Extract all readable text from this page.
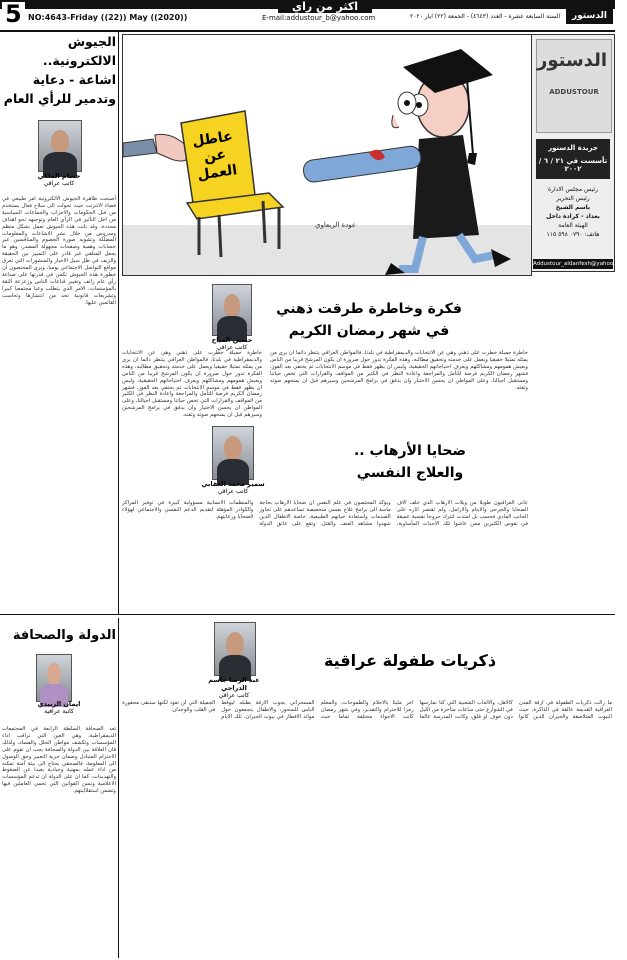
5 NO:4643-Friday ((22)) May ((2020))
اكثر من راي
E-mail:addustour_b@yahoo.com	السنة السابعة عشرة - العدد (٤٦٤٣) - الجمعة (٢٢) ايار ٢٠٢٠	الدستور
الدستور
ADDUSTOUR
جريدة الدستور
تأسست في ٢١ / ٦ / ٢٠٠٢
رئيس مجلس الادارة
رئيس التحرير
باسم الشيخ
بغداد - كرادة داخل
الهيئة العامة
هاتف: ٠٧٩٠ ٥٩٨ ١١٥
Addustour_aldanfesh@yahoo.com
عاطل عن العمل
عودة الربعاوي
الجيوش الالكترونية..
اشاعة - دعاية
وتدمير للرأي العام
حسام الملكي
كاتب عراقي
أصبحت ظاهرة الجيوش الالكترونية امر طبيعي في فضاء الانترنت حيث تحولت الى سلاح فعال يستخدم من قبل الحكومات والاحزاب والجماعات السياسية من اجل التأثير في الرأي العام وتوجيهه نحو اهداف محددة، وقد باتت هذه الجيوش تعمل بشكل منظم ومدروس من خلال نشر الاشاعات والمعلومات المضللة وتشويه صورة الخصوم والمنافسين عبر حسابات وهمية وصفحات مجهولة المصدر، وهو ما يجعل المتلقي غير قادر على التمييز بين الحقيقة والزيف في ظل سيل الاخبار والمنشورات التي تغرق مواقع التواصل الاجتماعي يوميا، ويرى المختصون ان خطورة هذه الجيوش تكمن في قدرتها على صناعة رأي عام زائف وتغيير قناعات الناس وزعزعة الثقة بالمؤسسات، الامر الذي يتطلب وعيا مجتمعيا كبيرا وتشريعات قانونية تحد من انتشارها وتحاسب القائمين عليها.	فكرة وخاطرة طرقت ذهني
في شهر رمضان الكريم
حسين المياح
كاتب عراقي
خاطرة جميلة خطرت على ذهني وهي عن الانتخابات والديمقراطية في بلدنا، فالمواطن العراقي ينتظر دائما ان يرى من يمثله تمثيلا حقيقيا ويعمل على خدمته وتحقيق مطالبه، وهذه الفكرة تدور حول ضرورة ان يكون المرشح قريبا من الناس ويعيش همومهم ومشاكلهم ويعرف احتياجاتهم الحقيقية، وليس ان يظهر فقط في موسم الانتخابات ثم يختفي بعد الفوز، فشهر رمضان الكريم فرصة للتأمل والمراجعة واعادة النظر في الكثير من المواقف والقرارات التي تخص حياتنا ومستقبل اجيالنا، وعلى المواطن ان يحسن الاختيار وان يدقق في برامج المرشحين وسيرهم قبل ان يمنحهم صوته وثقته.
خاطرة جميلة خطرت على ذهني وهي عن الانتخابات والديمقراطية في بلدنا، فالمواطن العراقي ينتظر دائما ان يرى من يمثله تمثيلا حقيقيا ويعمل على خدمته وتحقيق مطالبه، وهذه الفكرة تدور حول ضرورة ان يكون المرشح قريبا من الناس ويعيش همومهم ومشاكلهم ويعرف احتياجاتهم الحقيقية، وليس ان يظهر فقط في موسم الانتخابات ثم يختفي بعد الفوز، فشهر رمضان الكريم فرصة للتأمل والمراجعة واعادة النظر في الكثير من المواقف والقرارات التي تخص حياتنا ومستقبل اجيالنا، وعلى المواطن ان يحسن الاختيار وان يدقق في برامج المرشحين وسيرهم قبل ان يمنحهم صوته وثقته.
ضحايا الأرهاب ..
والعلاج النفسي
سمير محمد العقابي
كاتب عراقي
عانى العراقيون طويلا من ويلات الارهاب الذي خلف الاف الضحايا والجرحى والايتام والارامل، ولم تقتصر اثاره على الجانب المادي فحسب بل امتدت لتترك جروحا نفسية عميقة في نفوس الكثيرين ممن عاشوا تلك الاحداث المأساوية، ويؤكد المختصون في علم النفس ان ضحايا الارهاب بحاجة ماسة الى برامج علاج نفسي متخصصة تساعدهم على تجاوز الصدمات واستعادة حياتهم الطبيعية، خاصة الاطفال الذين شهدوا مشاهد العنف والقتل، وتقع على عاتق الدولة والمنظمات الانسانية مسؤولية كبيرة في توفير المراكز والكوادر المؤهلة لتقديم الدعم النفسي والاجتماعي لهؤلاء الضحايا ورعايتهم.
الدولة والصحافة
ايمان الزبيدي
كاتبة عراقية
تعد الصحافة السلطة الرابعة في المجتمعات الديمقراطية، وهي العين التي تراقب اداء المؤسسات وتكشف مواطن الخلل والفساد، ولذلك فان العلاقة بين الدولة والصحافة يجب ان تقوم على الاحترام المتبادل وضمان حرية التعبير وحق الوصول الى المعلومة، فالصحفي يحتاج الى بيئة آمنة تمكنه من اداء عمله بمهنية وحيادية بعيدا عن الضغوط والتهديدات، كما ان على الدولة ان تدعم المؤسسات الاعلامية وتسن القوانين التي تحمي العاملين فيها وتضمن استقلاليتهم.
ذكريات طفولة عراقية
عبد الرضا جاسم الدراجي
كاتب عراقي
ما زالت ذكريات الطفولة في ازقة المدن العراقية القديمة عالقة في الذاكرة، حيث البيوت المتلاصقة والجيران الذين كانوا كالاهل، والالعاب الشعبية التي كنا نمارسها في الشوارع حتى ساعات متأخرة من الليل دون خوف او قلق، وكانت المدرسة عالما اخر مليئا بالاحلام والطموحات، والمعلم رمزا للاحترام والتقدير، وفي شهر رمضان كانت الاجواء مختلفة تماما حيث المسحراتي يجوب الازقة بطبله ليوقظ الناس للسحور، والاطفال يتجمعون حول موائد الافطار في بيوت الجيران، تلك الايام الجميلة التي لن تعود لكنها ستبقى محفورة في القلب والوجدان.
